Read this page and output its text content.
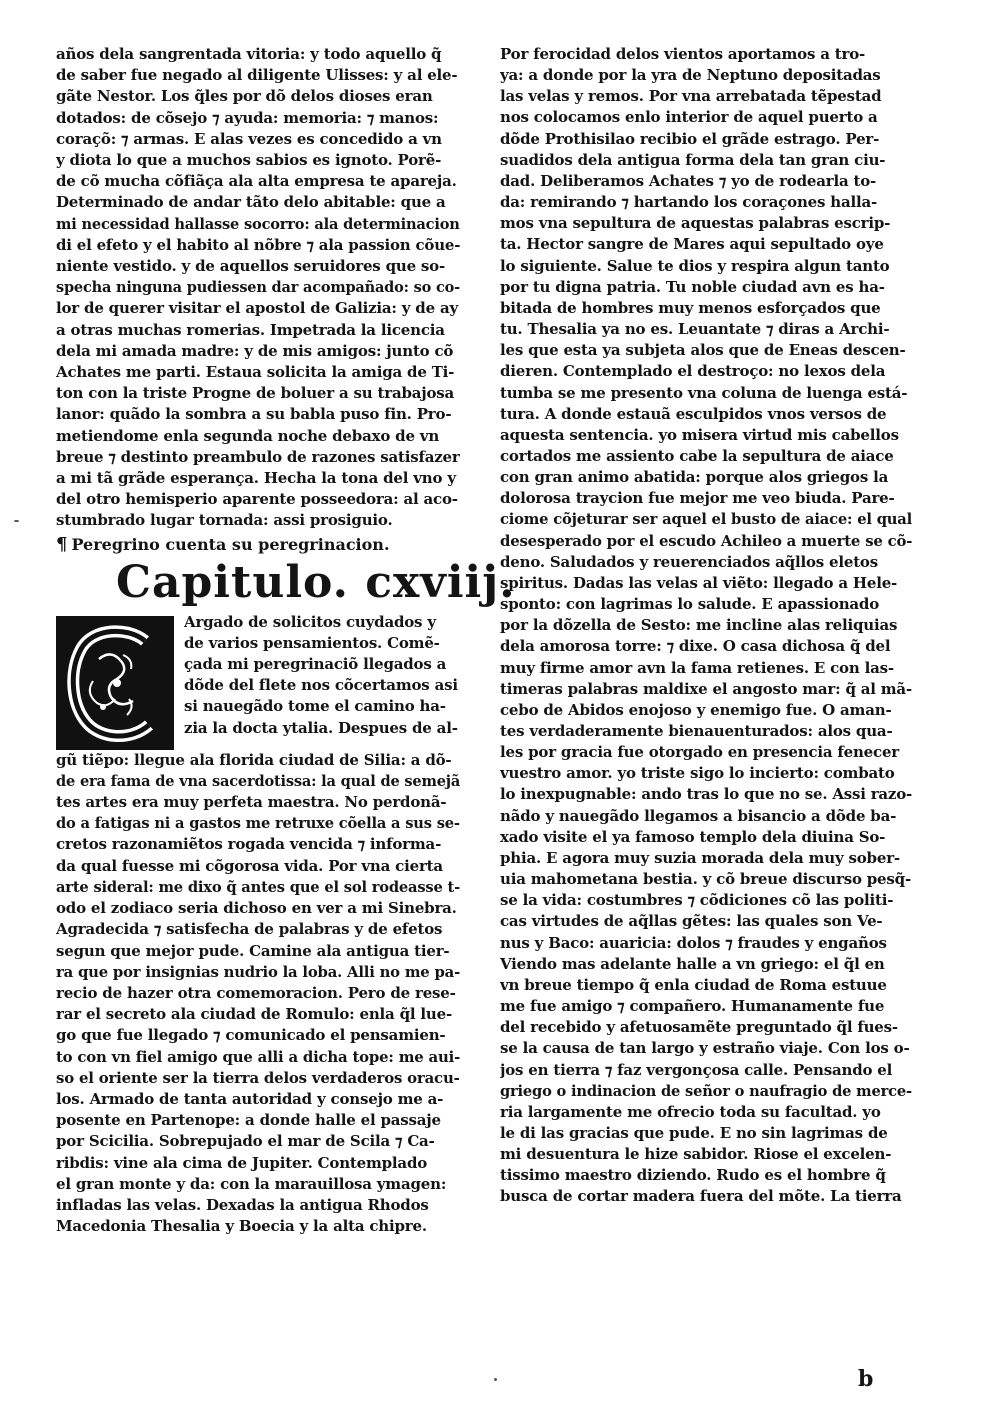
años dela sangrentada vitoria: y todo aquello q̃
de saber fue negado al diligente Ulisses: y al ele-
gãte Nestor. Los q̃les por dõ delos dioses eran
dotados: de cõsejo ⁊ ayuda: memoria: ⁊ manos:
coraçõ: ⁊ armas. E alas vezes es concedido a vn
y diota lo que a muchos sabios es ignoto. Porẽ-
de cõ mucha cõfiãça ala alta empresa te apareja.
Determinado de andar tãto delo abitable: que a
mi necessidad hallasse socorro: ala determinacion
di el efeto y el habito al nõbre ⁊ ala passion cõue-
niente vestido. y de aquellos seruidores que so-
specha ninguna pudiessen dar acompañado: so co-
lor de querer visitar el apostol de Galizia: y de ay
a otras muchas romerias. Impetrada la licencia
dela mi amada madre: y de mis amigos: junto cõ
Achates me parti. Estaua solicita la amiga de Ti-
ton con la triste Progne de boluer a su trabajosa
lanor: quãdo la sombra a su babla puso fin. Pro-
metiendome enla segunda noche debaxo de vn
breue ⁊ destinto preambulo de razones satisfazer
a mi tã grãde esperança. Hecha la tona del vno y
del otro hemisperio aparente posseedora: al aco-
stumbrado lugar tornada: assi prosiguio.
¶ Peregrino cuenta su peregrinacion.
Capitulo. cxviij.
Argado de solicitos cuydados y
de varios pensamientos. Comẽ-
çada mi peregrinaciõ llegados a
dõde del flete nos cõcertamos asi
si nauegãdo tome el camino ha-
zia la docta ytalia. Despues de al-
gũ tiẽpo: llegue ala florida ciudad de Silia: a dõ-
de era fama de vna sacerdotissa: la qual de semejã
tes artes era muy perfeta maestra. No perdonã-
do a fatigas ni a gastos me retruxe cõella a sus se-
cretos razonamiẽtos rogada vencida ⁊ informa-
da qual fuesse mi cõgorosa vida. Por vna cierta
arte sideral: me dixo q̃ antes que el sol rodeasse t-
odo el zodiaco seria dichoso en ver a mi Sinebra.
Agradecida ⁊ satisfecha de palabras y de efetos
segun que mejor pude. Camine ala antigua tier-
ra que por insignias nudrio la loba. Alli no me pa-
recio de hazer otra comemoracion. Pero de rese-
rar el secreto ala ciudad de Romulo: enla q̃l lue-
go que fue llegado ⁊ comunicado el pensamien-
to con vn fiel amigo que alli a dicha tope: me aui-
so el oriente ser la tierra delos verdaderos oracu-
los. Armado de tanta autoridad y consejo me a-
posente en Partenope: a donde halle el passaje
por Scicilia. Sobrepujado el mar de Scila ⁊ Ca-
ribdis: vine ala cima de Jupiter. Contemplado
el gran monte y da: con la marauillosa ymagen:
infladas las velas. Dexadas la antigua Rhodos
Macedonia Thesalia y Boecia y la alta chipre.
Por ferocidad delos vientos aportamos a tro-
ya: a donde por la yra de Neptuno depositadas
las velas y remos. Por vna arrebatada tẽpestad
nos colocamos enlo interior de aquel puerto a
dõde Prothisilao recibio el grãde estrago. Per-
suadidos dela antigua forma dela tan gran ciu-
dad. Deliberamos Achates ⁊ yo de rodearla to-
da: remirando ⁊ hartando los coraçones halla-
mos vna sepultura de aquestas palabras escrip-
ta. Hector sangre de Mares aqui sepultado oye
lo siguiente. Salue te dios y respira algun tanto
por tu digna patria. Tu noble ciudad avn es ha-
bitada de hombres muy menos esforçados que
tu. Thesalia ya no es. Leuantate ⁊ diras a Archi-
les que esta ya subjeta alos que de Eneas descen-
dieren. Contemplado el destroço: no lexos dela
tumba se me presento vna coluna de luenga está-
tura. A donde estauã esculpidos vnos versos de
aquesta sentencia. yo misera virtud mis cabellos
cortados me assiento cabe la sepultura de aiace
con gran animo abatida: porque alos griegos la
dolorosa traycion fue mejor me veo biuda. Pare-
ciome cõjeturar ser aquel el busto de aiace: el qual
desesperado por el escudo Achileo a muerte se cõ-
deno. Saludados y reuerenciados aq̃llos eletos
spiritus. Dadas las velas al viẽto: llegado a Hele-
sponto: con lagrimas lo salude. E apassionado
por la dõzella de Sesto: me incline alas reliquias
dela amorosa torre: ⁊ dixe. O casa dichosa q̃ del
muy firme amor avn la fama retienes. E con las-
timeras palabras maldixe el angosto mar: q̃ al mã-
cebo de Abidos enojoso y enemigo fue. O aman-
tes verdaderamente bienauenturados: alos qua-
les por gracia fue otorgado en presencia fenecer
vuestro amor. yo triste sigo lo incierto: combato
lo inexpugnable: ando tras lo que no se. Assi razo-
nãdo y nauegãdo llegamos a bisancio a dõde ba-
xado visite el ya famoso templo dela diuina So-
phia. E agora muy suzia morada dela muy sober-
uia mahometana bestia. y cõ breue discurso pesq̃-
se la vida: costumbres ⁊ cõdiciones cõ las politi-
cas virtudes de aq̃llas gẽtes: las quales son Ve-
nus y Baco: auaricia: dolos ⁊ fraudes y engaños
Viendo mas adelante halle a vn griego: el q̃l en
vn breue tiempo q̃ enla ciudad de Roma estuue
me fue amigo ⁊ compañero. Humanamente fue
del recebido y afetuosamẽte preguntado q̃l fues-
se la causa de tan largo y estraño viaje. Con los o-
jos en tierra ⁊ faz vergonçosa calle. Pensando el
griego o indinacion de señor o naufragio de merce-
ria largamente me ofrecio toda su facultad. yo
le di las gracias que pude. E no sin lagrimas de
mi desuentura le hize sabidor. Riose el excelen-
tissimo maestro diziendo. Rudo es el hombre q̃
busca de cortar madera fuera del mõte. La tierra
b
